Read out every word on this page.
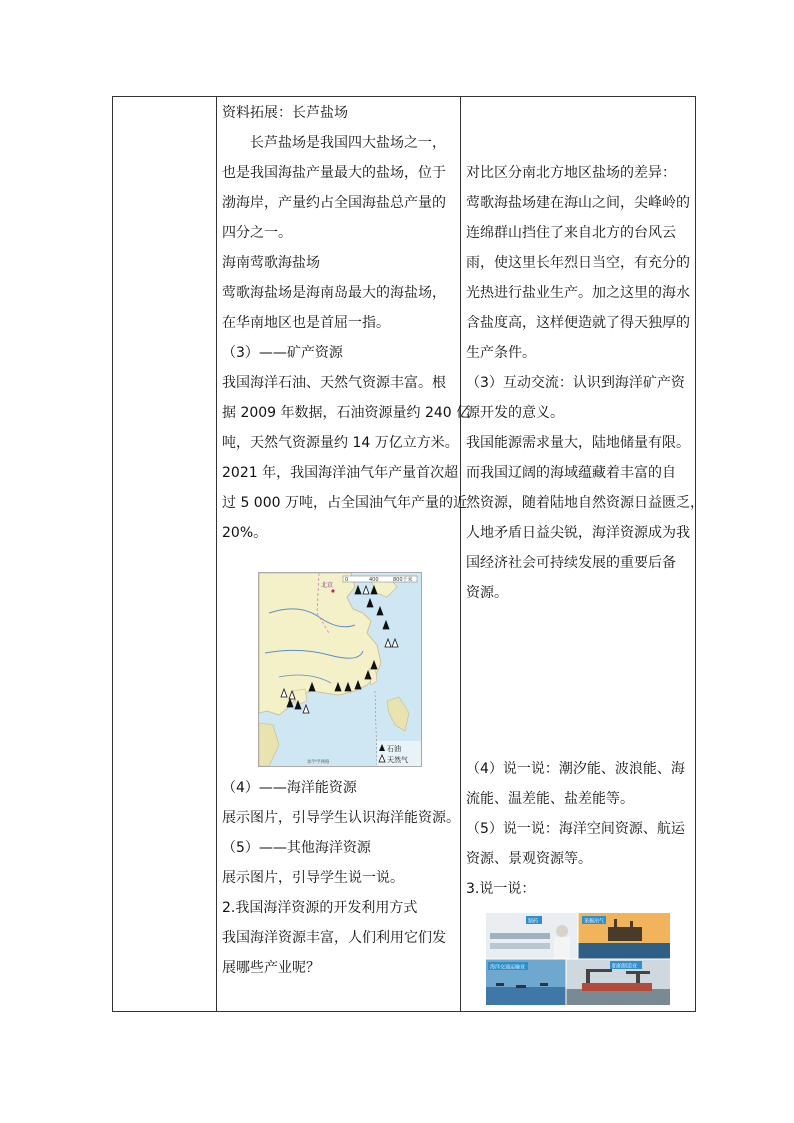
资料拓展：长芦盐场

长芦盐场是我国四大盐场之一，

也是我国海盐产量最大的盐场，位于

渤海岸，产量约占全国海盐总产量的

四分之一。

海南莺歌海盐场

莺歌海盐场是海南岛最大的海盐场，

在华南地区也是首屈一指。

（3）——矿产资源

我国海洋石油、天然气资源丰富。根

据 2009 年数据，石油资源量约 240 亿

吨，天然气资源量约 14 万亿立方米。

2021 年，我国海洋油气年产量首次超

过 5 000 万吨，占全国油气年产量的近

20%。

（4）——海洋能资源

展示图片，引导学生认识海洋能资源。

（5）——其他海洋资源

展示图片，引导学生说一说。

2.我国海洋资源的开发利用方式

我国海洋资源丰富，人们利用它们发

展哪些产业呢？

对比区分南北方地区盐场的差异：

莺歌海盐场建在海山之间，尖峰岭的

连绵群山挡住了来自北方的台风云

雨，使这里长年烈日当空，有充分的

光热进行盐业生产。加之这里的海水

含盐度高，这样便造就了得天独厚的

生产条件。

（3）互动交流：认识到海洋矿产资

源开发的意义。

我国能源需求量大，陆地储量有限。

而我国辽阔的海域蕴藏着丰富的自

然资源，随着陆地自然资源日益匮乏，

人地矛盾日益尖锐，海洋资源成为我

国经济社会可持续发展的重要后备

资源。

（4）说一说：潮汐能、波浪能、海

流能、温差能、盐差能等。

（5）说一说：海洋空间资源、航运

资源、景观资源等。

3.说一说：

0	400	800千米
北京
石油
天然气
加学学网格
制药	采掘冶气
海洋交通运输业	船舶制造业
